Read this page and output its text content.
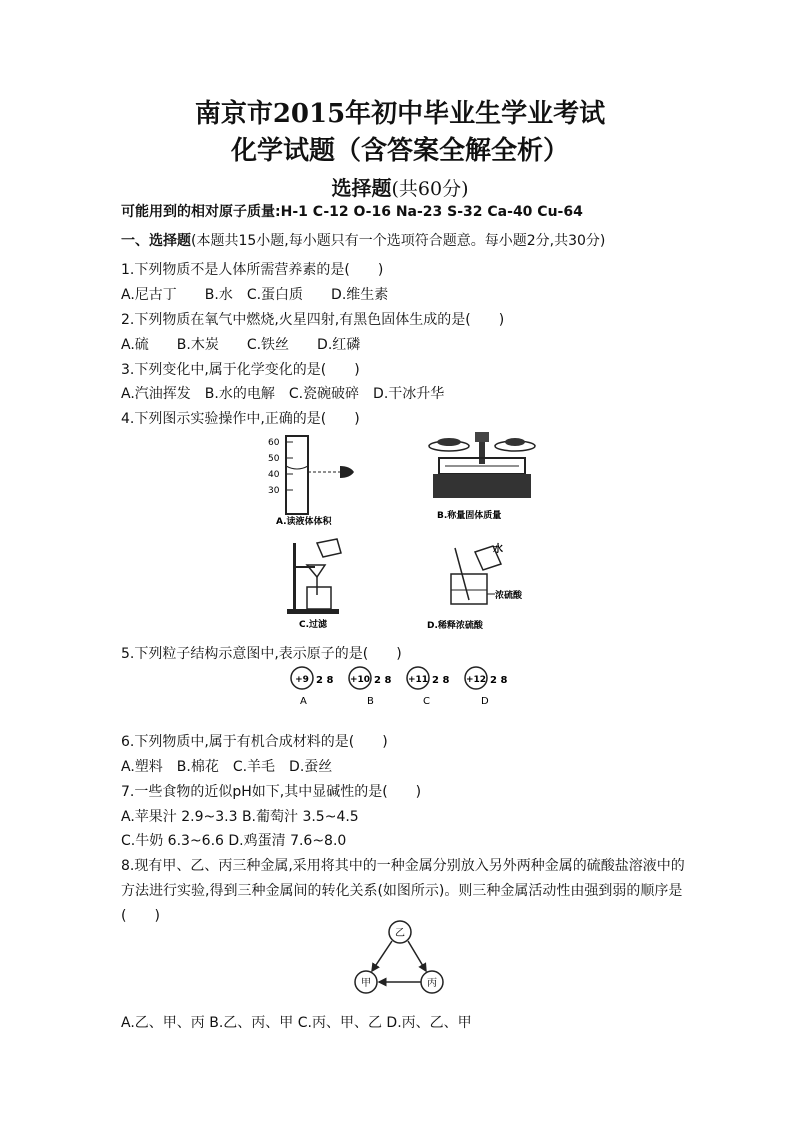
南京市2015年初中毕业生学业考试
化学试题（含答案全解全析）
选择题(共60分)
可能用到的相对原子质量:H-1 C-12 O-16 Na-23 S-32 Ca-40 Cu-64
一、选择题(本题共15小题,每小题只有一个选项符合题意。每小题2分,共30分)
1.下列物质不是人体所需营养素的是(　　)
A.尼古丁　　B.水　C.蛋白质　　D.维生素
2.下列物质在氧气中燃烧,火星四射,有黑色固体生成的是(　　)
A.硫　　B.木炭　　C.铁丝　　D.红磷
3.下列变化中,属于化学变化的是(　　)
A.汽油挥发　B.水的电解　C.瓷碗破碎　D.干冰升华
4.下列图示实验操作中,正确的是(　　)
60
50
40
30
A.读液体体积
B.称量固体质量
C.过滤
水
浓硫酸
D.稀释浓硫酸
5.下列粒子结构示意图中,表示原子的是(　　)
+9 2 8
A
+10 2 8
B
+11 2 8
C
+12 2 8
D
6.下列物质中,属于有机合成材料的是(　　)
A.塑料　B.棉花　C.羊毛　D.蚕丝
7.一些食物的近似pH如下,其中显碱性的是(　　)
A.苹果汁 2.9~3.3 B.葡萄汁 3.5~4.5
C.牛奶 6.3~6.6 D.鸡蛋清 7.6~8.0
8.现有甲、乙、丙三种金属,采用将其中的一种金属分别放入另外两种金属的硫酸盐溶液中的
方法进行实验,得到三种金属间的转化关系(如图所示)。则三种金属活动性由强到弱的顺序是
(　　)
乙
甲	丙
A.乙、甲、丙 B.乙、丙、甲 C.丙、甲、乙 D.丙、乙、甲
